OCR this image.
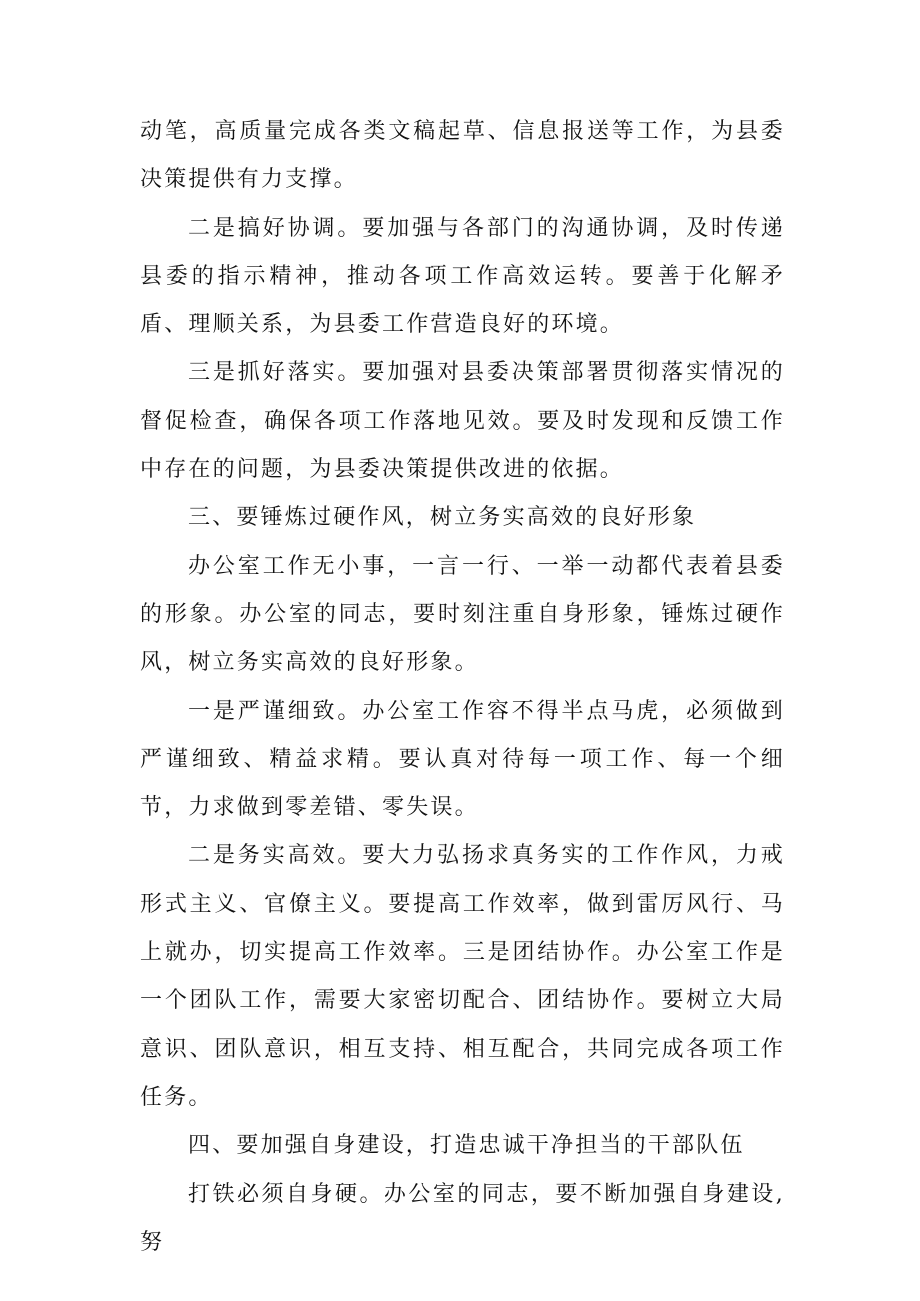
动笔，高质量完成各类文稿起草、信息报送等工作，为县委决策提供有力支撑。

二是搞好协调。要加强与各部门的沟通协调，及时传递县委的指示精神，推动各项工作高效运转。要善于化解矛盾、理顺关系，为县委工作营造良好的环境。

三是抓好落实。要加强对县委决策部署贯彻落实情况的督促检查，确保各项工作落地见效。要及时发现和反馈工作中存在的问题，为县委决策提供改进的依据。

三、要锤炼过硬作风，树立务实高效的良好形象

办公室工作无小事，一言一行、一举一动都代表着县委的形象。办公室的同志，要时刻注重自身形象，锤炼过硬作风，树立务实高效的良好形象。

一是严谨细致。办公室工作容不得半点马虎，必须做到严谨细致、精益求精。要认真对待每一项工作、每一个细节，力求做到零差错、零失误。

二是务实高效。要大力弘扬求真务实的工作作风，力戒形式主义、官僚主义。要提高工作效率，做到雷厉风行、马上就办，切实提高工作效率。三是团结协作。办公室工作是一个团队工作，需要大家密切配合、团结协作。要树立大局意识、团队意识，相互支持、相互配合，共同完成各项工作任务。

四、要加强自身建设，打造忠诚干净担当的干部队伍

打铁必须自身硬。办公室的同志，要不断加强自身建设,努
